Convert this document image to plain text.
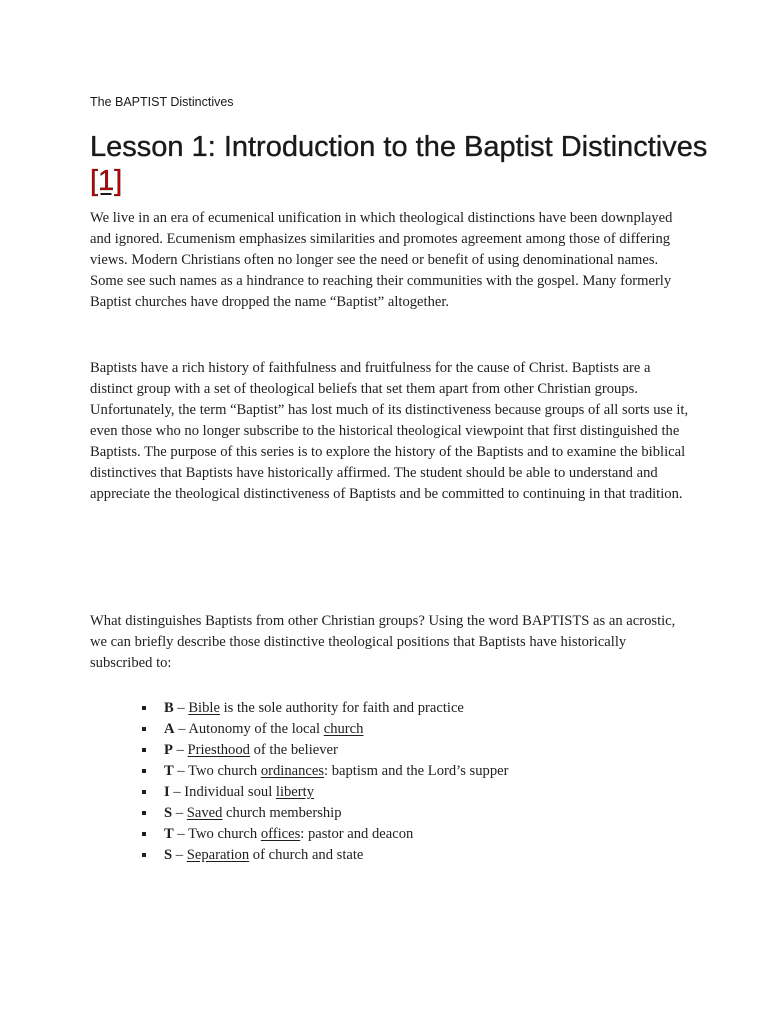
The BAPTIST Distinctives
Lesson 1: Introduction to the Baptist Distinctives [1]

We live in an era of ecumenical unification in which theological distinctions have been downplayed and ignored. Ecumenism emphasizes similarities and promotes agreement among those of differing views. Modern Christians often no longer see the need or benefit of using denominational names. Some see such names as a hindrance to reaching their communities with the gospel. Many formerly Baptist churches have dropped the name “Baptist” altogether.

Baptists have a rich history of faithfulness and fruitfulness for the cause of Christ. Baptists are a distinct group with a set of theological beliefs that set them apart from other Christian groups. Unfortunately, the term “Baptist” has lost much of its distinctiveness because groups of all sorts use it, even those who no longer subscribe to the historical theological viewpoint that first distinguished the Baptists. The purpose of this series is to explore the history of the Baptists and to examine the biblical distinctives that Baptists have historically affirmed. The student should be able to understand and appreciate the theological distinctiveness of Baptists and be committed to continuing in that tradition.

What distinguishes Baptists from other Christian groups? Using the word BAPTISTS as an acrostic, we can briefly describe those distinctive theological positions that Baptists have historically subscribed to:

B – Bible is the sole authority for faith and practice
A – Autonomy of the local church
P – Priesthood of the believer
T – Two church ordinances: baptism and the Lord’s supper
I – Individual soul liberty
S – Saved church membership
T – Two church offices: pastor and deacon
S – Separation of church and state
